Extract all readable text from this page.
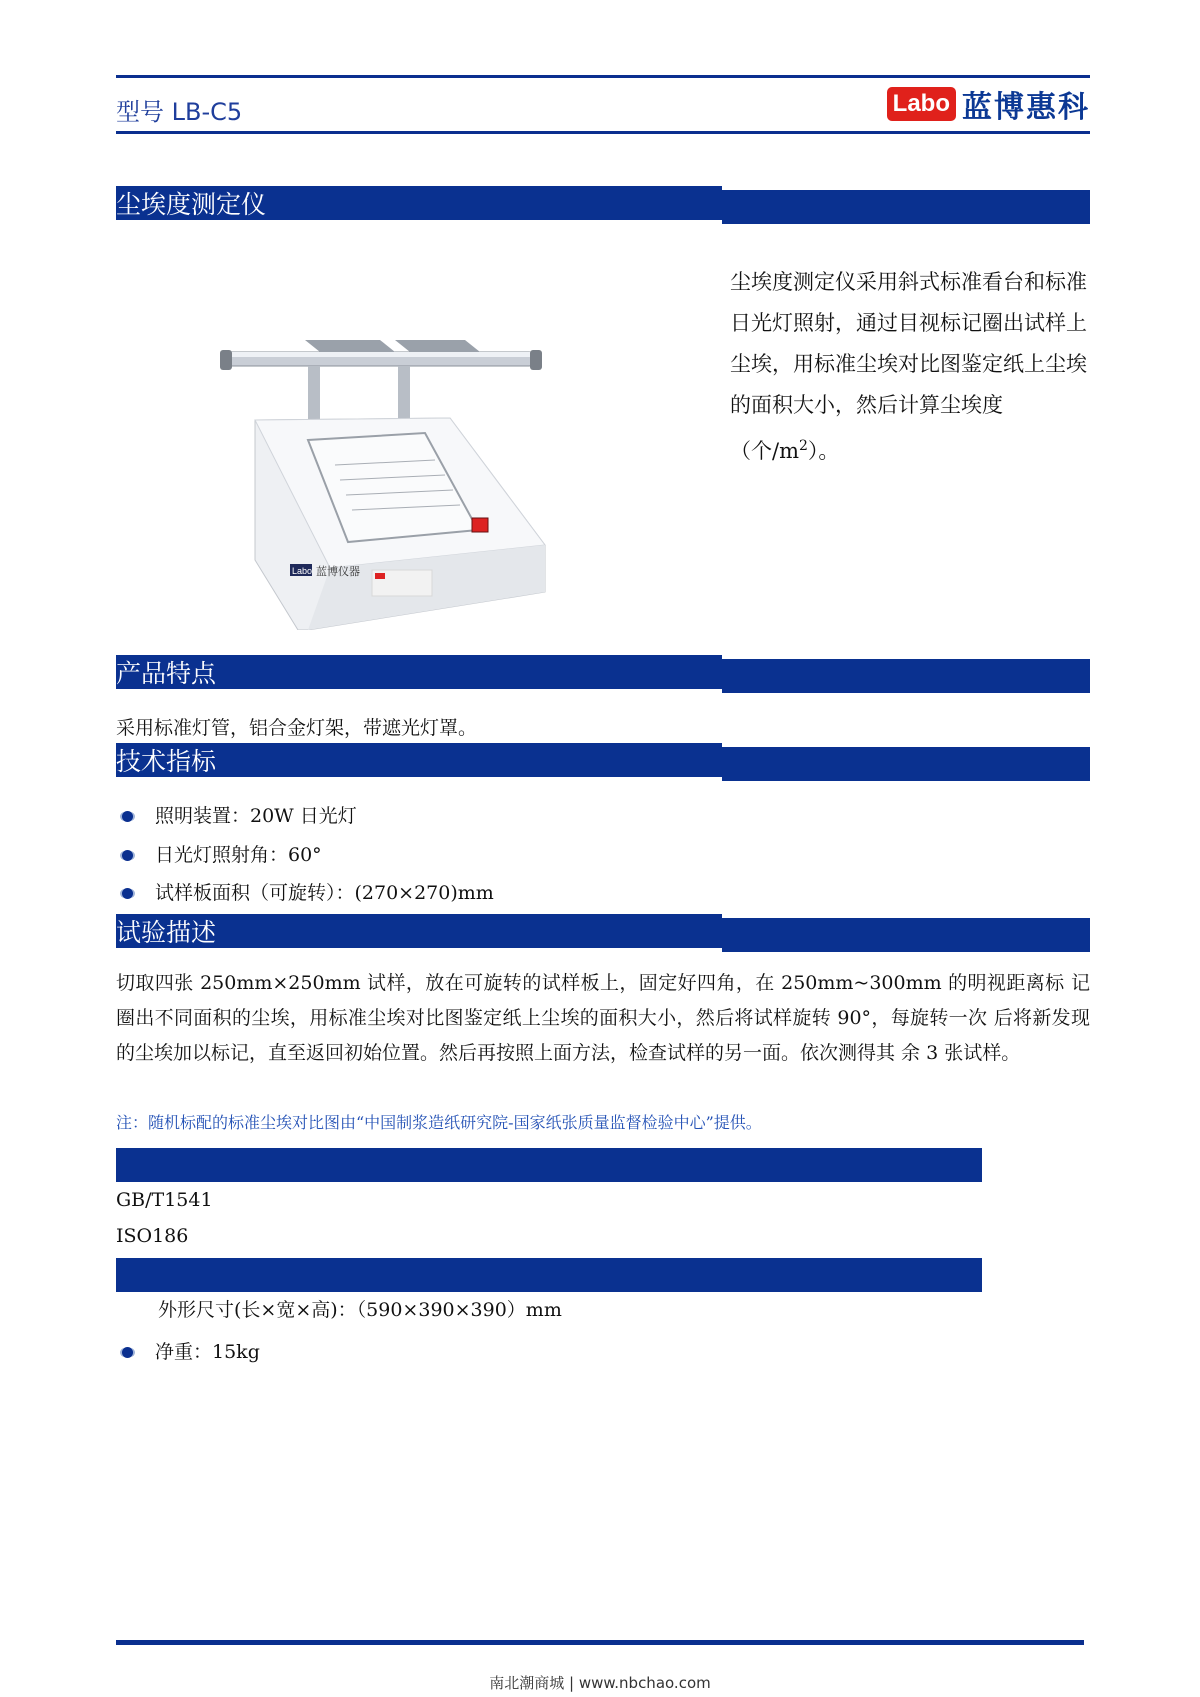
型号 LB-C5	Labo 蓝博惠科
尘埃度测定仪
Labo 蓝博仪器
尘埃度测定仪采用斜式标准看台和标准日光灯照射，通过目视标记圈出试样上尘埃，用标准尘埃对比图鉴定纸上尘埃的面积大小，然后计算尘埃度（个$/m^2$）。
产品特点
采用标准灯管，铝合金灯架，带遮光灯罩。
技术指标
照明装置：20W 日光灯
日光灯照射角：60°
试样板面积（可旋转）：(270×270)mm
试验描述
切取四张 250mm×250mm 试样，放在可旋转的试样板上，固定好四角，在 250mm~300mm 的明视距离标 记圈出不同面积的尘埃，用标准尘埃对比图鉴定纸上尘埃的面积大小，然后将试样旋转 90°，每旋转一次 后将新发现的尘埃加以标记，直至返回初始位置。然后再按照上面方法，检查试样的另一面。依次测得其 余 3 张试样。
注：随机标配的标准尘埃对比图由“中国制浆造纸研究院-国家纸张质量监督检验中心”提供。
GB/T1541
ISO186
外形尺寸(长×宽×高)：（590×390×390）mm
净重：15kg
南北潮商城 | www.nbchao.com
